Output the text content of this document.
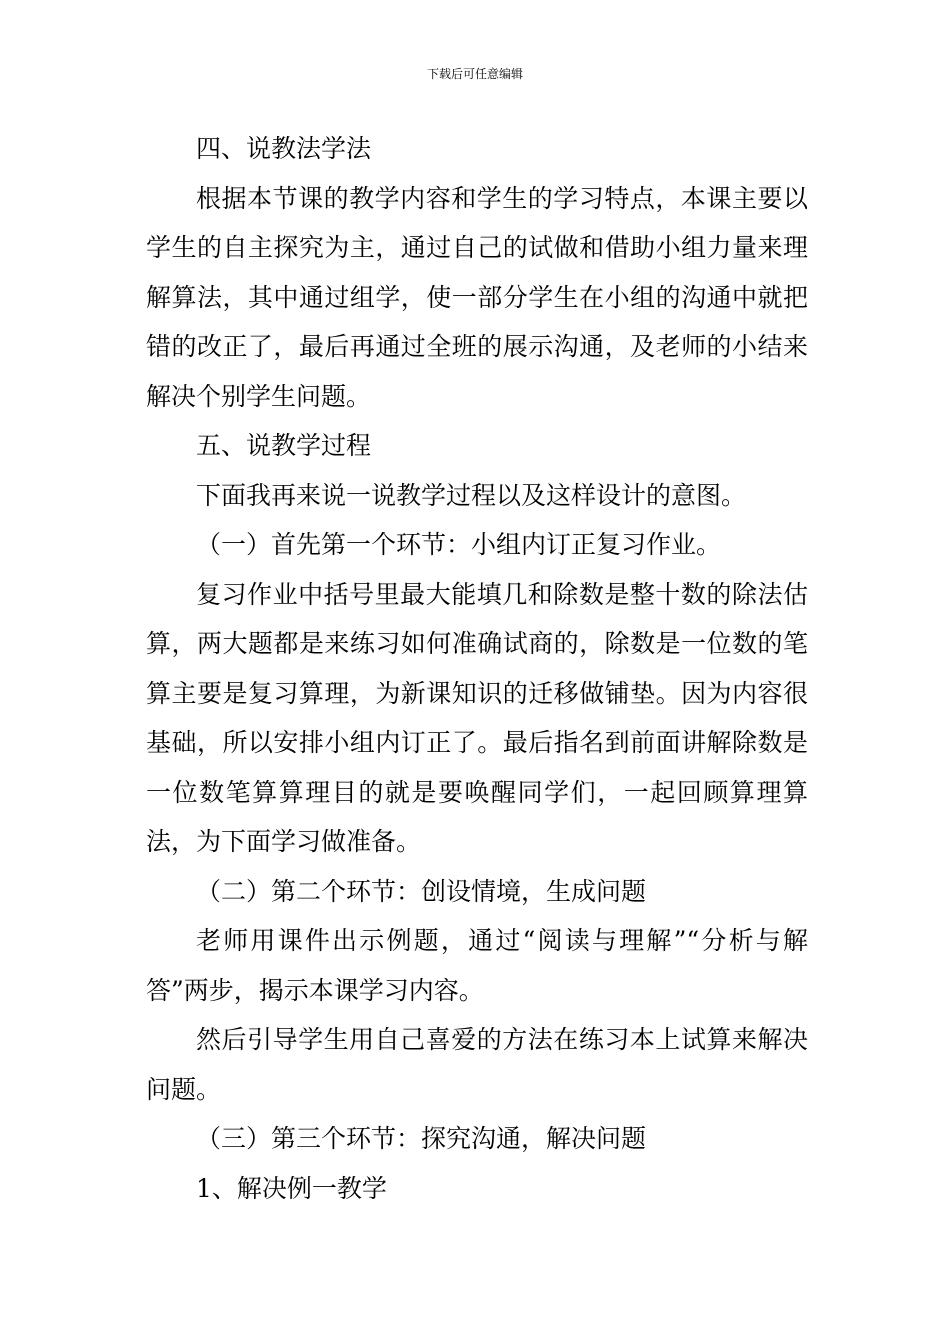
下载后可任意编辑

四、说教法学法

根据本节课的教学内容和学生的学习特点，本课主要以学生的自主探究为主，通过自己的试做和借助小组力量来理解算法，其中通过组学，使一部分学生在小组的沟通中就把错的改正了，最后再通过全班的展示沟通，及老师的小结来解决个别学生问题。

五、说教学过程

下面我再来说一说教学过程以及这样设计的意图。

（一）首先第一个环节：小组内订正复习作业。

复习作业中括号里最大能填几和除数是整十数的除法估算，两大题都是来练习如何准确试商的，除数是一位数的笔算主要是复习算理，为新课知识的迁移做铺垫。因为内容很基础，所以安排小组内订正了。最后指名到前面讲解除数是一位数笔算算理目的就是要唤醒同学们，一起回顾算理算法，为下面学习做准备。

（二）第二个环节：创设情境，生成问题

老师用课件出示例题，通过“阅读与理解”“分析与解答”两步，揭示本课学习内容。

然后引导学生用自己喜爱的方法在练习本上试算来解决问题。

（三）第三个环节：探究沟通，解决问题

1、解决例一教学
